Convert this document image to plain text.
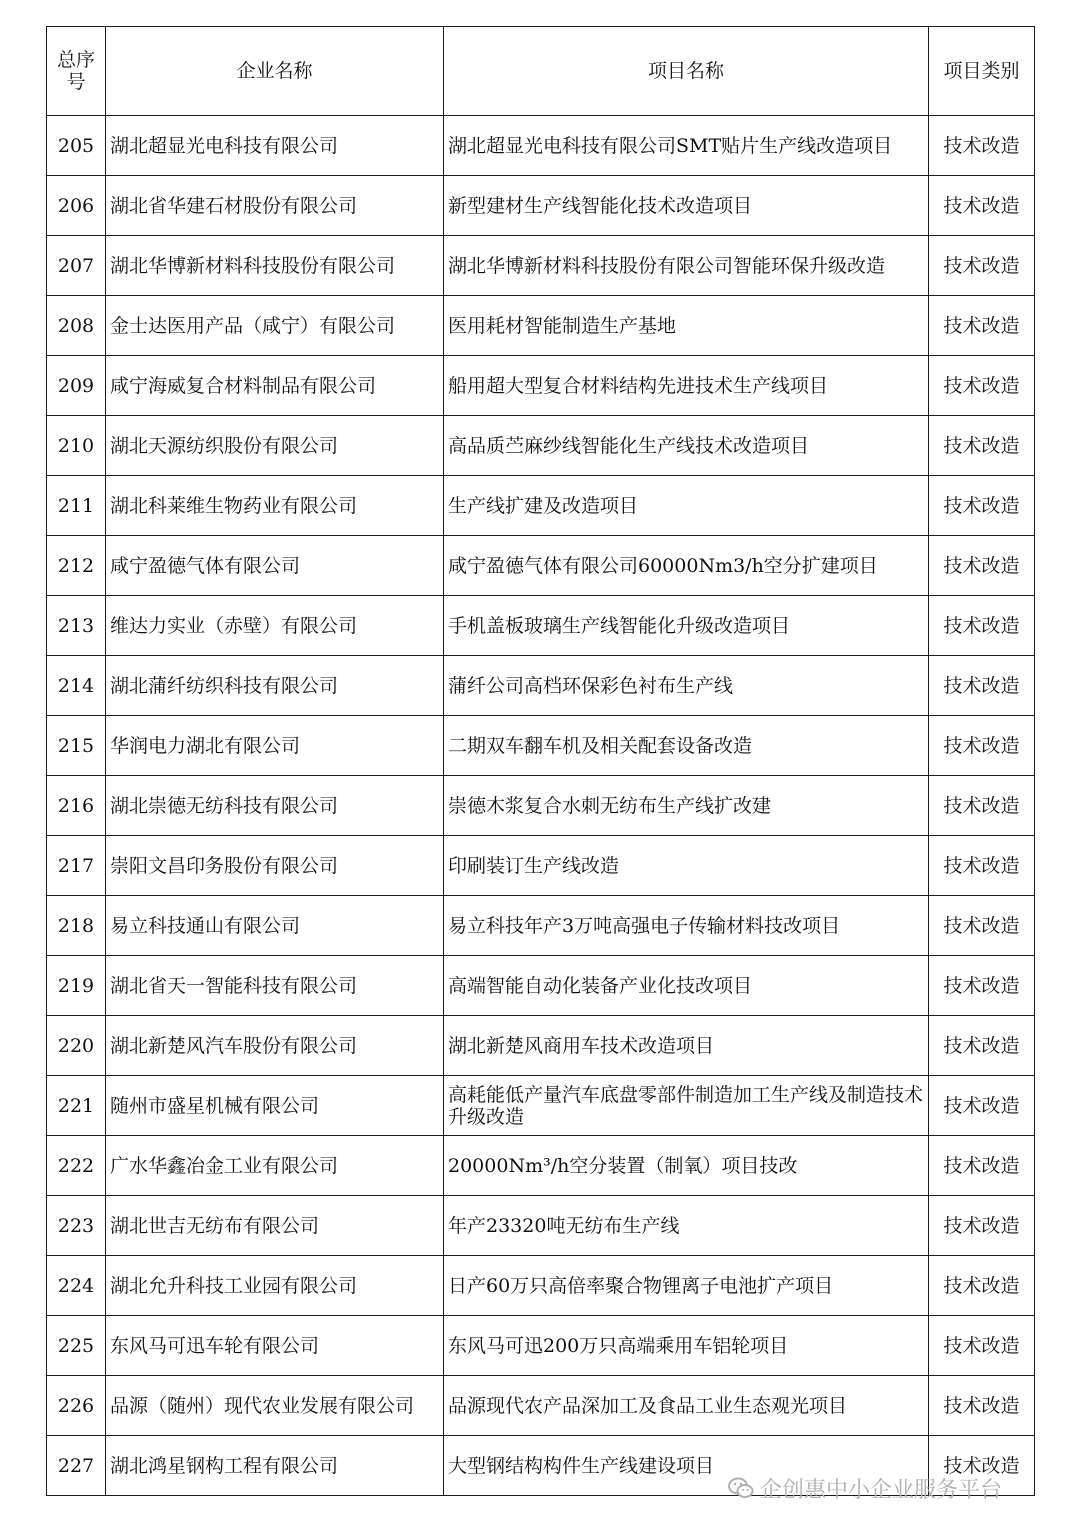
总序号	企业名称	项目名称	项目类别
205	湖北超显光电科技有限公司	湖北超显光电科技有限公司SMT贴片生产线改造项目	技术改造
206	湖北省华建石材股份有限公司	新型建材生产线智能化技术改造项目	技术改造
207	湖北华博新材料科技股份有限公司	湖北华博新材料科技股份有限公司智能环保升级改造	技术改造
208	金士达医用产品（咸宁）有限公司	医用耗材智能制造生产基地	技术改造
209	咸宁海威复合材料制品有限公司	船用超大型复合材料结构先进技术生产线项目	技术改造
210	湖北天源纺织股份有限公司	高品质苎麻纱线智能化生产线技术改造项目	技术改造
211	湖北科莱维生物药业有限公司	生产线扩建及改造项目	技术改造
212	咸宁盈德气体有限公司	咸宁盈德气体有限公司60000Nm3/h空分扩建项目	技术改造
213	维达力实业（赤壁）有限公司	手机盖板玻璃生产线智能化升级改造项目	技术改造
214	湖北蒲纤纺织科技有限公司	蒲纤公司高档环保彩色衬布生产线	技术改造
215	华润电力湖北有限公司	二期双车翻车机及相关配套设备改造	技术改造
216	湖北崇德无纺科技有限公司	崇德木浆复合水刺无纺布生产线扩改建	技术改造
217	崇阳文昌印务股份有限公司	印刷装订生产线改造	技术改造
218	易立科技通山有限公司	易立科技年产3万吨高强电子传输材料技改项目	技术改造
219	湖北省天一智能科技有限公司	高端智能自动化装备产业化技改项目	技术改造
220	湖北新楚风汽车股份有限公司	湖北新楚风商用车技术改造项目	技术改造
221	随州市盛星机械有限公司	高耗能低产量汽车底盘零部件制造加工生产线及制造技术升级改造	技术改造
222	广水华鑫冶金工业有限公司	20000Nm³/h空分装置（制氧）项目技改	技术改造
223	湖北世吉无纺布有限公司	年产23320吨无纺布生产线	技术改造
224	湖北允升科技工业园有限公司	日产60万只高倍率聚合物锂离子电池扩产项目	技术改造
225	东风马可迅车轮有限公司	东风马可迅200万只高端乘用车铝轮项目	技术改造
226	品源（随州）现代农业发展有限公司	品源现代农产品深加工及食品工业生态观光项目	技术改造
227	湖北鸿星钢构工程有限公司	大型钢结构构件生产线建设项目	技术改造
企创惠中小企业服务平台
